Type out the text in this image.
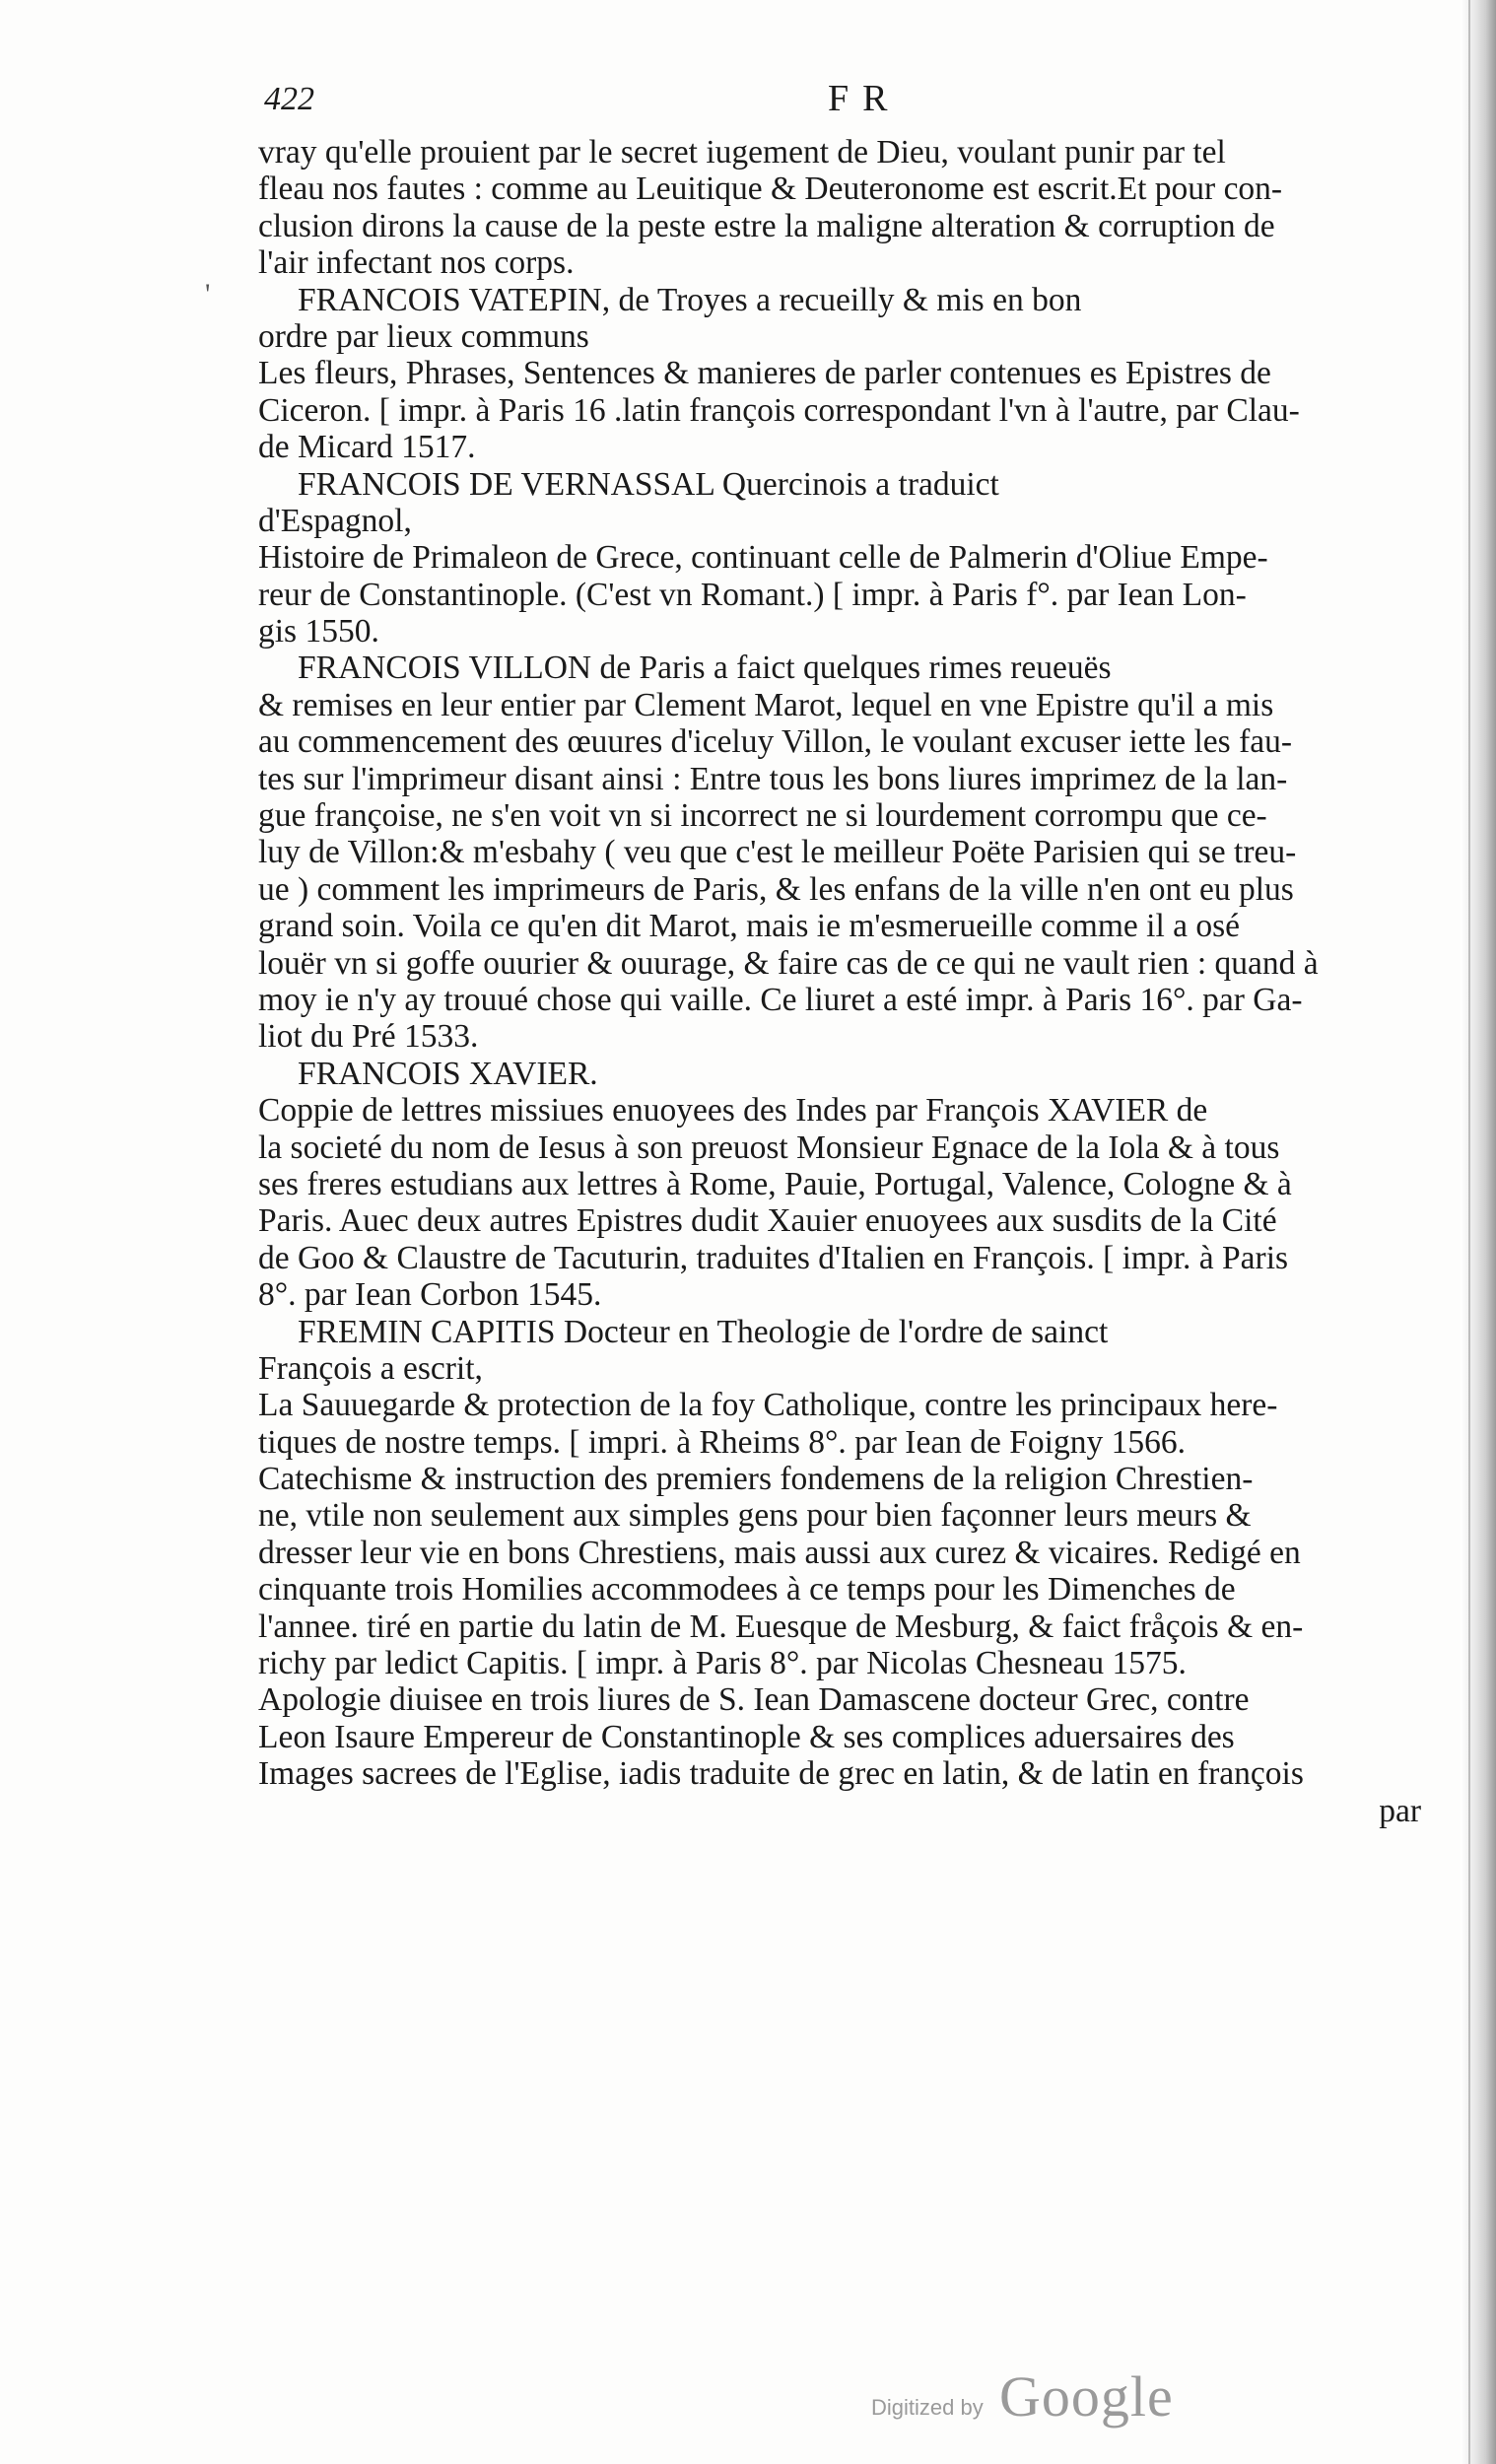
422	FR
'
vray qu'elle prouient par le secret iugement de Dieu, voulant punir par tel
fleau nos fautes : comme au Leuitique & Deuteronome est escrit.Et pour con-
clusion dirons la cause de la peste estre la maligne alteration & corruption de
l'air infectant nos corps.
FRANCOIS VATEPIN, de Troyes a recueilly & mis en bon
ordre par lieux communs
Les fleurs, Phrases, Sentences & manieres de parler contenues es Epistres de
Ciceron. [ impr. à Paris 16 .latin françois correspondant l'vn à l'autre, par Clau-
de Micard 1517.
FRANCOIS DE VERNASSAL Quercinois a traduict
d'Espagnol,
Histoire de Primaleon de Grece, continuant celle de Palmerin d'Oliue Empe-
reur de Constantinople. (C'est vn Romant.) [ impr. à Paris f°. par Iean Lon-
gis 1550.
FRANCOIS VILLON de Paris a faict quelques rimes reueuës
& remises en leur entier par Clement Marot, lequel en vne Epistre qu'il a mis
au commencement des œuures d'iceluy Villon, le voulant excuser iette les fau-
tes sur l'imprimeur disant ainsi : Entre tous les bons liures imprimez de la lan-
gue françoise, ne s'en voit vn si incorrect ne si lourdement corrompu que ce-
luy de Villon:& m'esbahy ( veu que c'est le meilleur Poëte Parisien qui se treu-
ue ) comment les imprimeurs de Paris, & les enfans de la ville n'en ont eu plus
grand soin. Voila ce qu'en dit Marot, mais ie m'esmerueille comme il a osé
louër vn si goffe ouurier & ouurage, & faire cas de ce qui ne vault rien : quand à
moy ie n'y ay trouué chose qui vaille. Ce liuret a esté impr. à Paris 16°. par Ga-
liot du Pré 1533.
FRANCOIS XAVIER.
Coppie de lettres missiues enuoyees des Indes par François XAVIER de
la societé du nom de Iesus à son preuost Monsieur Egnace de la Iola & à tous
ses freres estudians aux lettres à Rome, Pauie, Portugal, Valence, Cologne & à
Paris. Auec deux autres Epistres dudit Xauier enuoyees aux susdits de la Cité
de Goo & Claustre de Tacuturin, traduites d'Italien en François. [ impr. à Paris
8°. par Iean Corbon 1545.
FREMIN CAPITIS Docteur en Theologie de l'ordre de sainct
François a escrit,
La Sauuegarde & protection de la foy Catholique, contre les principaux here-
tiques de nostre temps. [ impri. à Rheims 8°. par Iean de Foigny 1566.
Catechisme & instruction des premiers fondemens de la religion Chrestien-
ne, vtile non seulement aux simples gens pour bien façonner leurs meurs &
dresser leur vie en bons Chrestiens, mais aussi aux curez & vicaires. Redigé en
cinquante trois Homilies accommodees à ce temps pour les Dimenches de
l'annee. tiré en partie du latin de M. Euesque de Mesburg, & faict fråçois & en-
richy par ledict Capitis. [ impr. à Paris 8°. par Nicolas Chesneau 1575.
Apologie diuisee en trois liures de S. Iean Damascene docteur Grec, contre
Leon Isaure Empereur de Constantinople & ses complices aduersaires des
Images sacrees de l'Eglise, iadis traduite de grec en latin, & de latin en françois
par
Digitized by Google
